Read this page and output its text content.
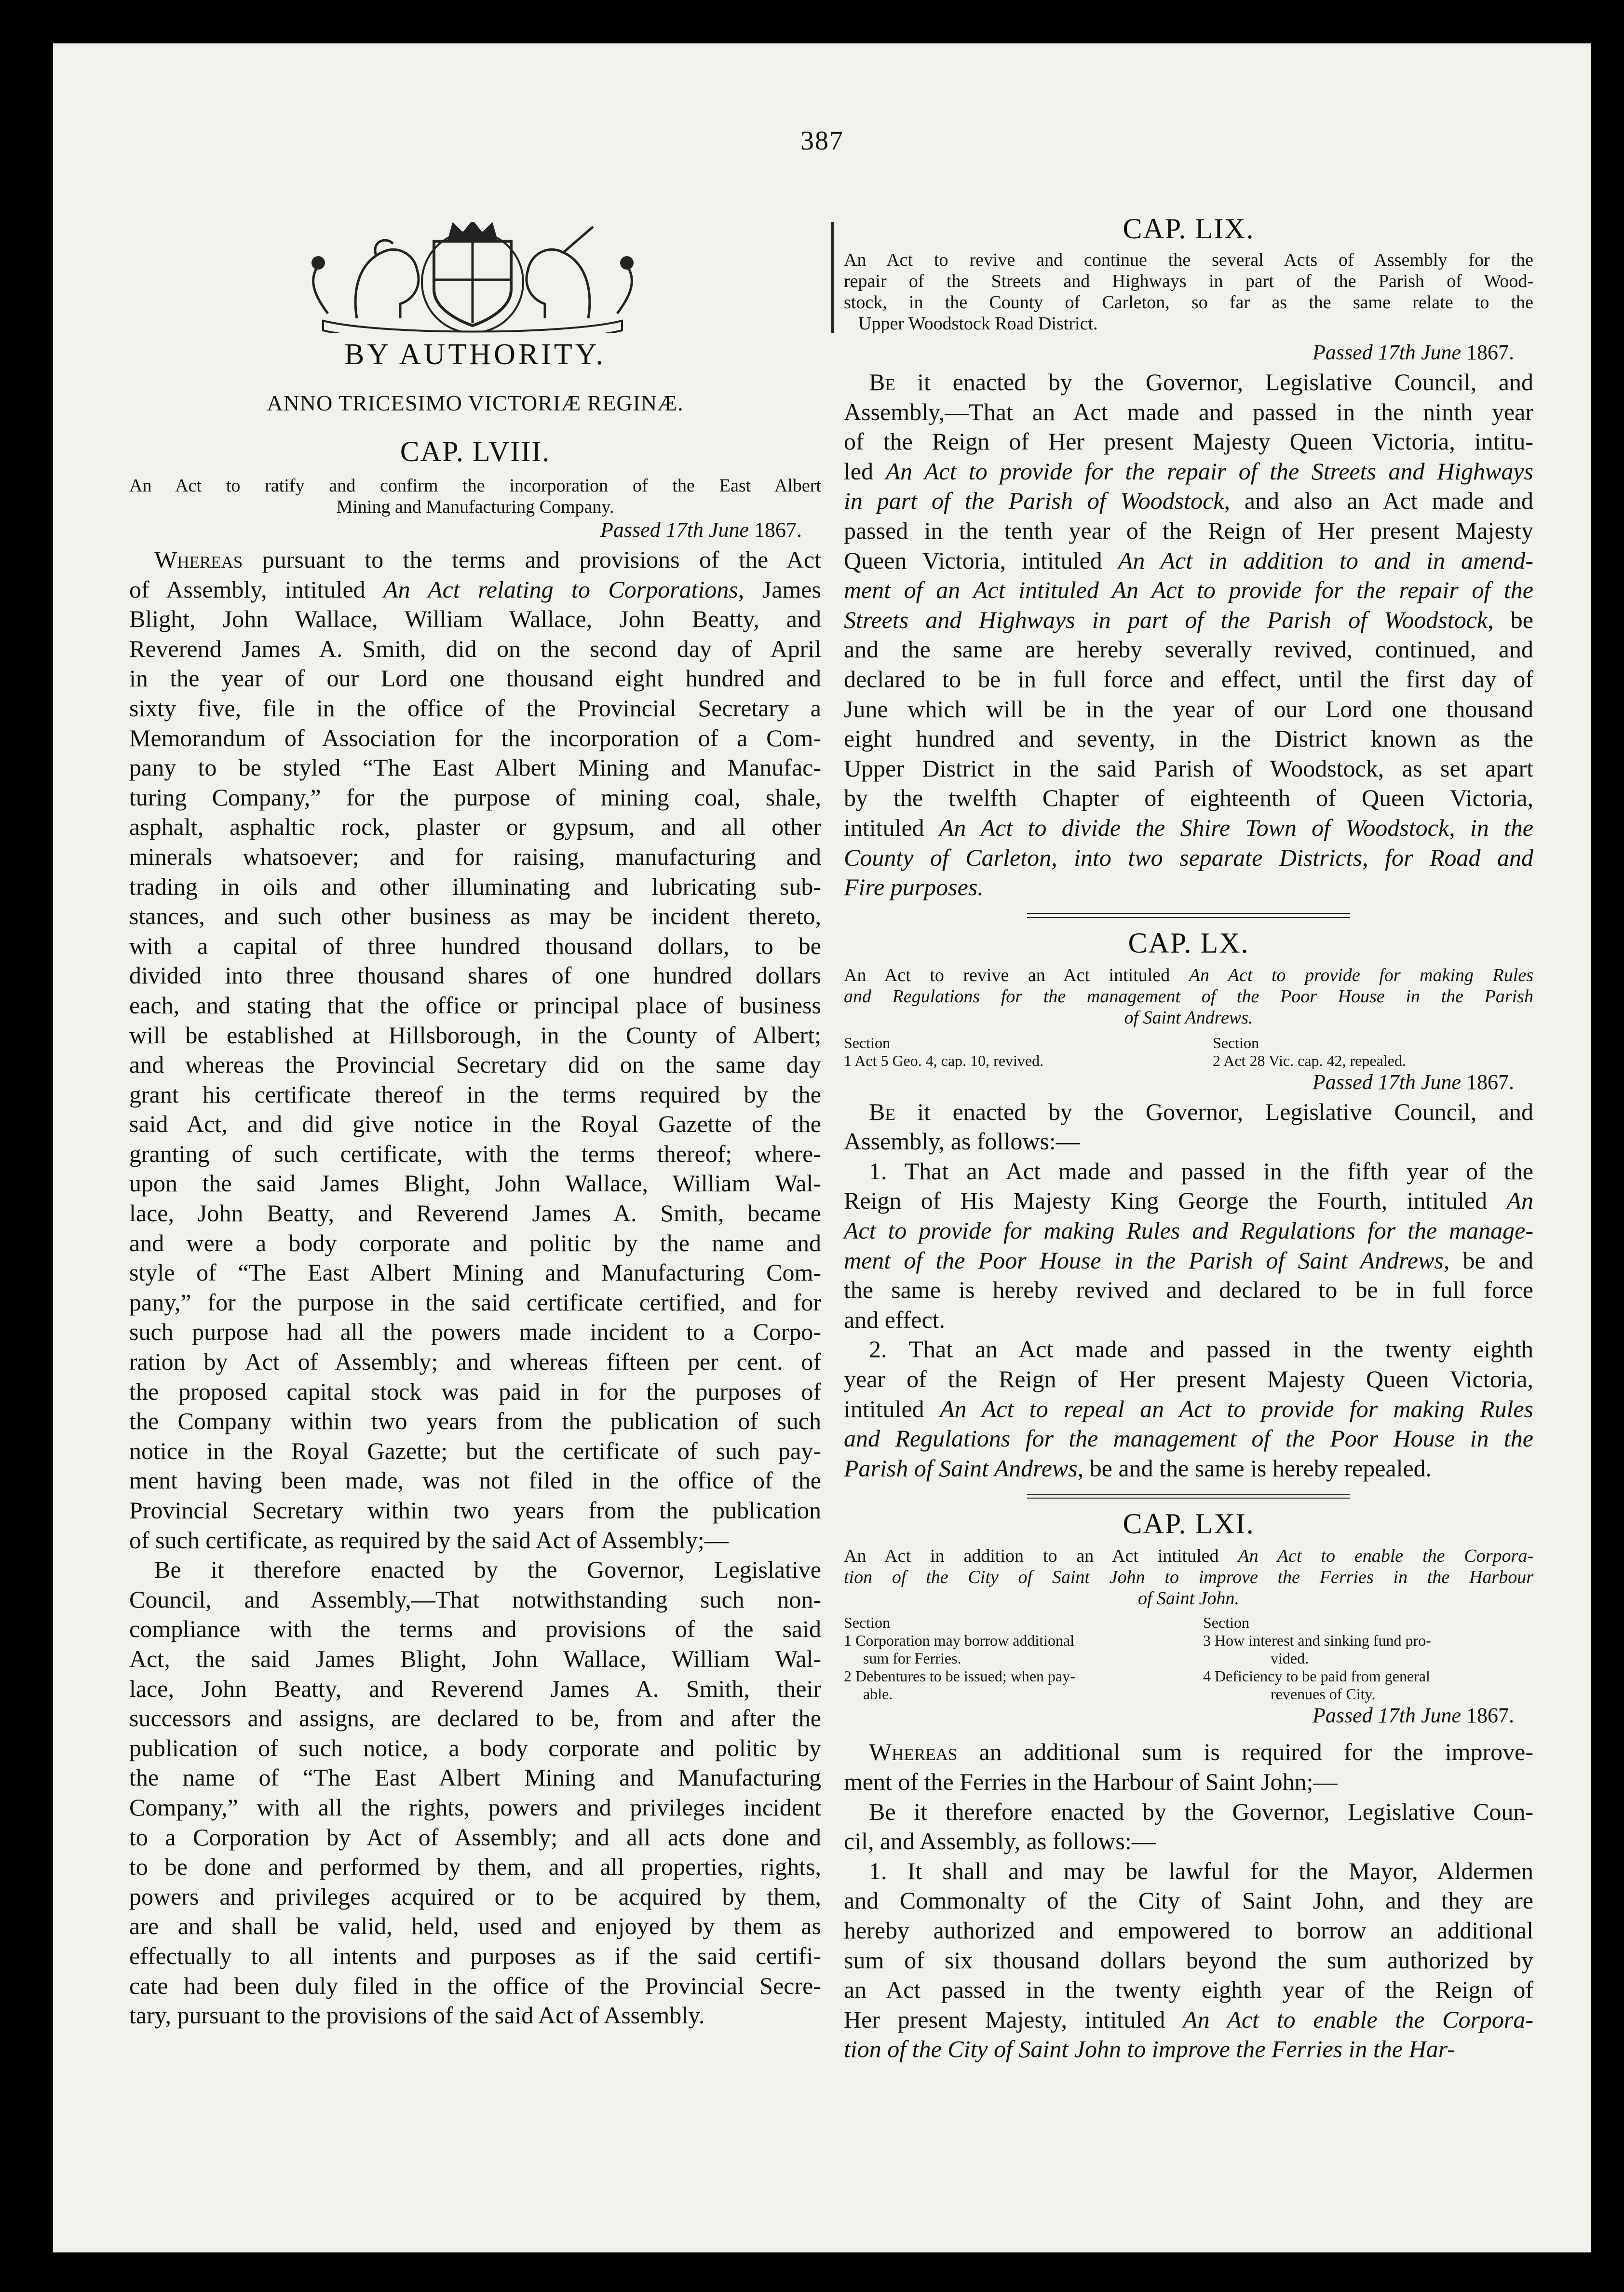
387

BY AUTHORITY.

ANNO TRICESIMO VICTORIÆ REGINÆ.

CAP. LVIII.

An Act to ratify and confirm the incorporation of the East Albert

Mining and Manufacturing Company.

Passed 17th June 1867.

Whereas pursuant to the terms and provisions of the Act

of Assembly, intituled An Act relating to Corporations, James

Blight, John Wallace, William Wallace, John Beatty, and

Reverend James A. Smith, did on the second day of April

in the year of our Lord one thousand eight hundred and

sixty five, file in the office of the Provincial Secretary a

Memorandum of Association for the incorporation of a Com-

pany to be styled “The East Albert Mining and Manufac-

turing Company,” for the purpose of mining coal, shale,

asphalt, asphaltic rock, plaster or gypsum, and all other

minerals whatsoever; and for raising, manufacturing and

trading in oils and other illuminating and lubricating sub-

stances, and such other business as may be incident thereto,

with a capital of three hundred thousand dollars, to be

divided into three thousand shares of one hundred dollars

each, and stating that the office or principal place of business

will be established at Hillsborough, in the County of Albert;

and whereas the Provincial Secretary did on the same day

grant his certificate thereof in the terms required by the

said Act, and did give notice in the Royal Gazette of the

granting of such certificate, with the terms thereof; where-

upon the said James Blight, John Wallace, William Wal-

lace, John Beatty, and Reverend James A. Smith, became

and were a body corporate and politic by the name and

style of “The East Albert Mining and Manufacturing Com-

pany,” for the purpose in the said certificate certified, and for

such purpose had all the powers made incident to a Corpo-

ration by Act of Assembly; and whereas fifteen per cent. of

the proposed capital stock was paid in for the purposes of

the Company within two years from the publication of such

notice in the Royal Gazette; but the certificate of such pay-

ment having been made, was not filed in the office of the

Provincial Secretary within two years from the publication

of such certificate, as required by the said Act of Assembly;—

Be it therefore enacted by the Governor, Legislative

Council, and Assembly,—That notwithstanding such non-

compliance with the terms and provisions of the said

Act, the said James Blight, John Wallace, William Wal-

lace, John Beatty, and Reverend James A. Smith, their

successors and assigns, are declared to be, from and after the

publication of such notice, a body corporate and politic by

the name of “The East Albert Mining and Manufacturing

Company,” with all the rights, powers and privileges incident

to a Corporation by Act of Assembly; and all acts done and

to be done and performed by them, and all properties, rights,

powers and privileges acquired or to be acquired by them,

are and shall be valid, held, used and enjoyed by them as

effectually to all intents and purposes as if the said certifi-

cate had been duly filed in the office of the Provincial Secre-

tary, pursuant to the provisions of the said Act of Assembly.

CAP. LIX.

An Act to revive and continue the several Acts of Assembly for the

repair of the Streets and Highways in part of the Parish of Wood-

stock, in the County of Carleton, so far as the same relate to the

Upper Woodstock Road District.

Passed 17th June 1867.

Be it enacted by the Governor, Legislative Council, and

Assembly,—That an Act made and passed in the ninth year

of the Reign of Her present Majesty Queen Victoria, intitu-

led An Act to provide for the repair of the Streets and Highways

in part of the Parish of Woodstock, and also an Act made and

passed in the tenth year of the Reign of Her present Majesty

Queen Victoria, intituled An Act in addition to and in amend-

ment of an Act intituled An Act to provide for the repair of the

Streets and Highways in part of the Parish of Woodstock, be

and the same are hereby severally revived, continued, and

declared to be in full force and effect, until the first day of

June which will be in the year of our Lord one thousand

eight hundred and seventy, in the District known as the

Upper District in the said Parish of Woodstock, as set apart

by the twelfth Chapter of eighteenth of Queen Victoria,

intituled An Act to divide the Shire Town of Woodstock, in the

County of Carleton, into two separate Districts, for Road and

Fire purposes.

CAP. LX.

An Act to revive an Act intituled An Act to provide for making Rules

and Regulations for the management of the Poor House in the Parish

of Saint Andrews.

Section
1 Act 5 Geo. 4, cap. 10, revived.
Section
2 Act 28 Vic. cap. 42, repealed.

Passed 17th June 1867.

Be it enacted by the Governor, Legislative Council, and

Assembly, as follows:—

1. That an Act made and passed in the fifth year of the

Reign of His Majesty King George the Fourth, intituled An

Act to provide for making Rules and Regulations for the manage-

ment of the Poor House in the Parish of Saint Andrews, be and

the same is hereby revived and declared to be in full force

and effect.

2. That an Act made and passed in the twenty eighth

year of the Reign of Her present Majesty Queen Victoria,

intituled An Act to repeal an Act to provide for making Rules

and Regulations for the management of the Poor House in the

Parish of Saint Andrews, be and the same is hereby repealed.

CAP. LXI.

An Act in addition to an Act intituled An Act to enable the Corpora-

tion of the City of Saint John to improve the Ferries in the Harbour

of Saint John.

Section
1 Corporation may borrow additional
sum for Ferries.
2 Debentures to be issued; when pay-
able.
Section
3 How interest and sinking fund pro-
vided.
4 Deficiency to be paid from general
revenues of City.

Passed 17th June 1867.

Whereas an additional sum is required for the improve-

ment of the Ferries in the Harbour of Saint John;—

Be it therefore enacted by the Governor, Legislative Coun-

cil, and Assembly, as follows:—

1. It shall and may be lawful for the Mayor, Aldermen

and Commonalty of the City of Saint John, and they are

hereby authorized and empowered to borrow an additional

sum of six thousand dollars beyond the sum authorized by

an Act passed in the twenty eighth year of the Reign of

Her present Majesty, intituled An Act to enable the Corpora-

tion of the City of Saint John to improve the Ferries in the Har-
